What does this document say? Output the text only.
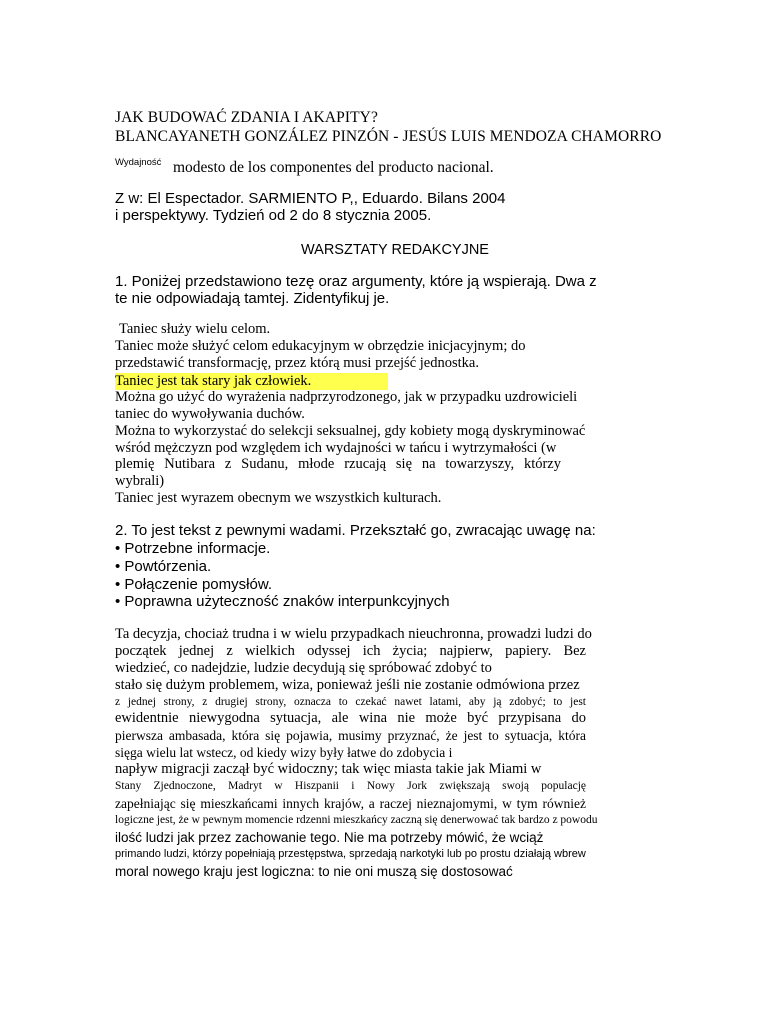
JAK BUDOWAĆ ZDANIA I AKAPITY?
BLANCAYANETH GONZÁLEZ PINZÓN - JESÚS LUIS MENDOZA CHAMORRO
Wydajność modesto de los componentes del producto nacional.
Z w: El Espectador. SARMIENTO P,, Eduardo. Bilans 2004
i perspektywy. Tydzień od 2 do 8 stycznia 2005.
WARSZTATY REDAKCYJNE
1. Poniżej przedstawiono tezę oraz argumenty, które ją wspierają. Dwa z
te nie odpowiadają tamtej. Zidentyfikuj je.
Taniec służy wielu celom.
Taniec może służyć celom edukacyjnym w obrzędzie inicjacyjnym; do
przedstawić transformację, przez którą musi przejść jednostka.
Taniec jest tak stary jak człowiek.
Można go użyć do wyrażenia nadprzyrodzonego, jak w przypadku uzdrowicieli
taniec do wywoływania duchów.
Można to wykorzystać do selekcji seksualnej, gdy kobiety mogą dyskryminować
wśród mężczyzn pod względem ich wydajności w tańcu i wytrzymałości (w
plemię Nutibara z Sudanu, młode rzucają się na towarzyszy, którzy
wybrali)
Taniec jest wyrazem obecnym we wszystkich kulturach.
2. To jest tekst z pewnymi wadami. Przekształć go, zwracając uwagę na:
• Potrzebne informacje.
• Powtórzenia.
• Połączenie pomysłów.
• Poprawna użyteczność znaków interpunkcyjnych
Ta decyzja, chociaż trudna i w wielu przypadkach nieuchronna, prowadzi ludzi do
początek jednej z wielkich odyssej ich życia; najpierw, papiery. Bez
wiedzieć, co nadejdzie, ludzie decydują się spróbować zdobyć to
stało się dużym problemem, wiza, ponieważ jeśli nie zostanie odmówiona przez
z jednej strony, z drugiej strony, oznacza to czekać nawet latami, aby ją zdobyć; to jest
ewidentnie niewygodna sytuacja, ale wina nie może być przypisana do
pierwsza ambasada, która się pojawia, musimy przyznać, że jest to sytuacja, która
sięga wielu lat wstecz, od kiedy wizy były łatwe do zdobycia i
napływ migracji zaczął być widoczny; tak więc miasta takie jak Miami w
Stany Zjednoczone, Madryt w Hiszpanii i Nowy Jork zwiększają swoją populację
zapełniając się mieszkańcami innych krajów, a raczej nieznajomymi, w tym również
logiczne jest, że w pewnym momencie rdzenni mieszkańcy zaczną się denerwować tak bardzo z powodu
ilość ludzi jak przez zachowanie tego. Nie ma potrzeby mówić, że wciąż
primando ludzi, którzy popełniają przestępstwa, sprzedają narkotyki lub po prostu działają wbrew
moral nowego kraju jest logiczna: to nie oni muszą się dostosować
